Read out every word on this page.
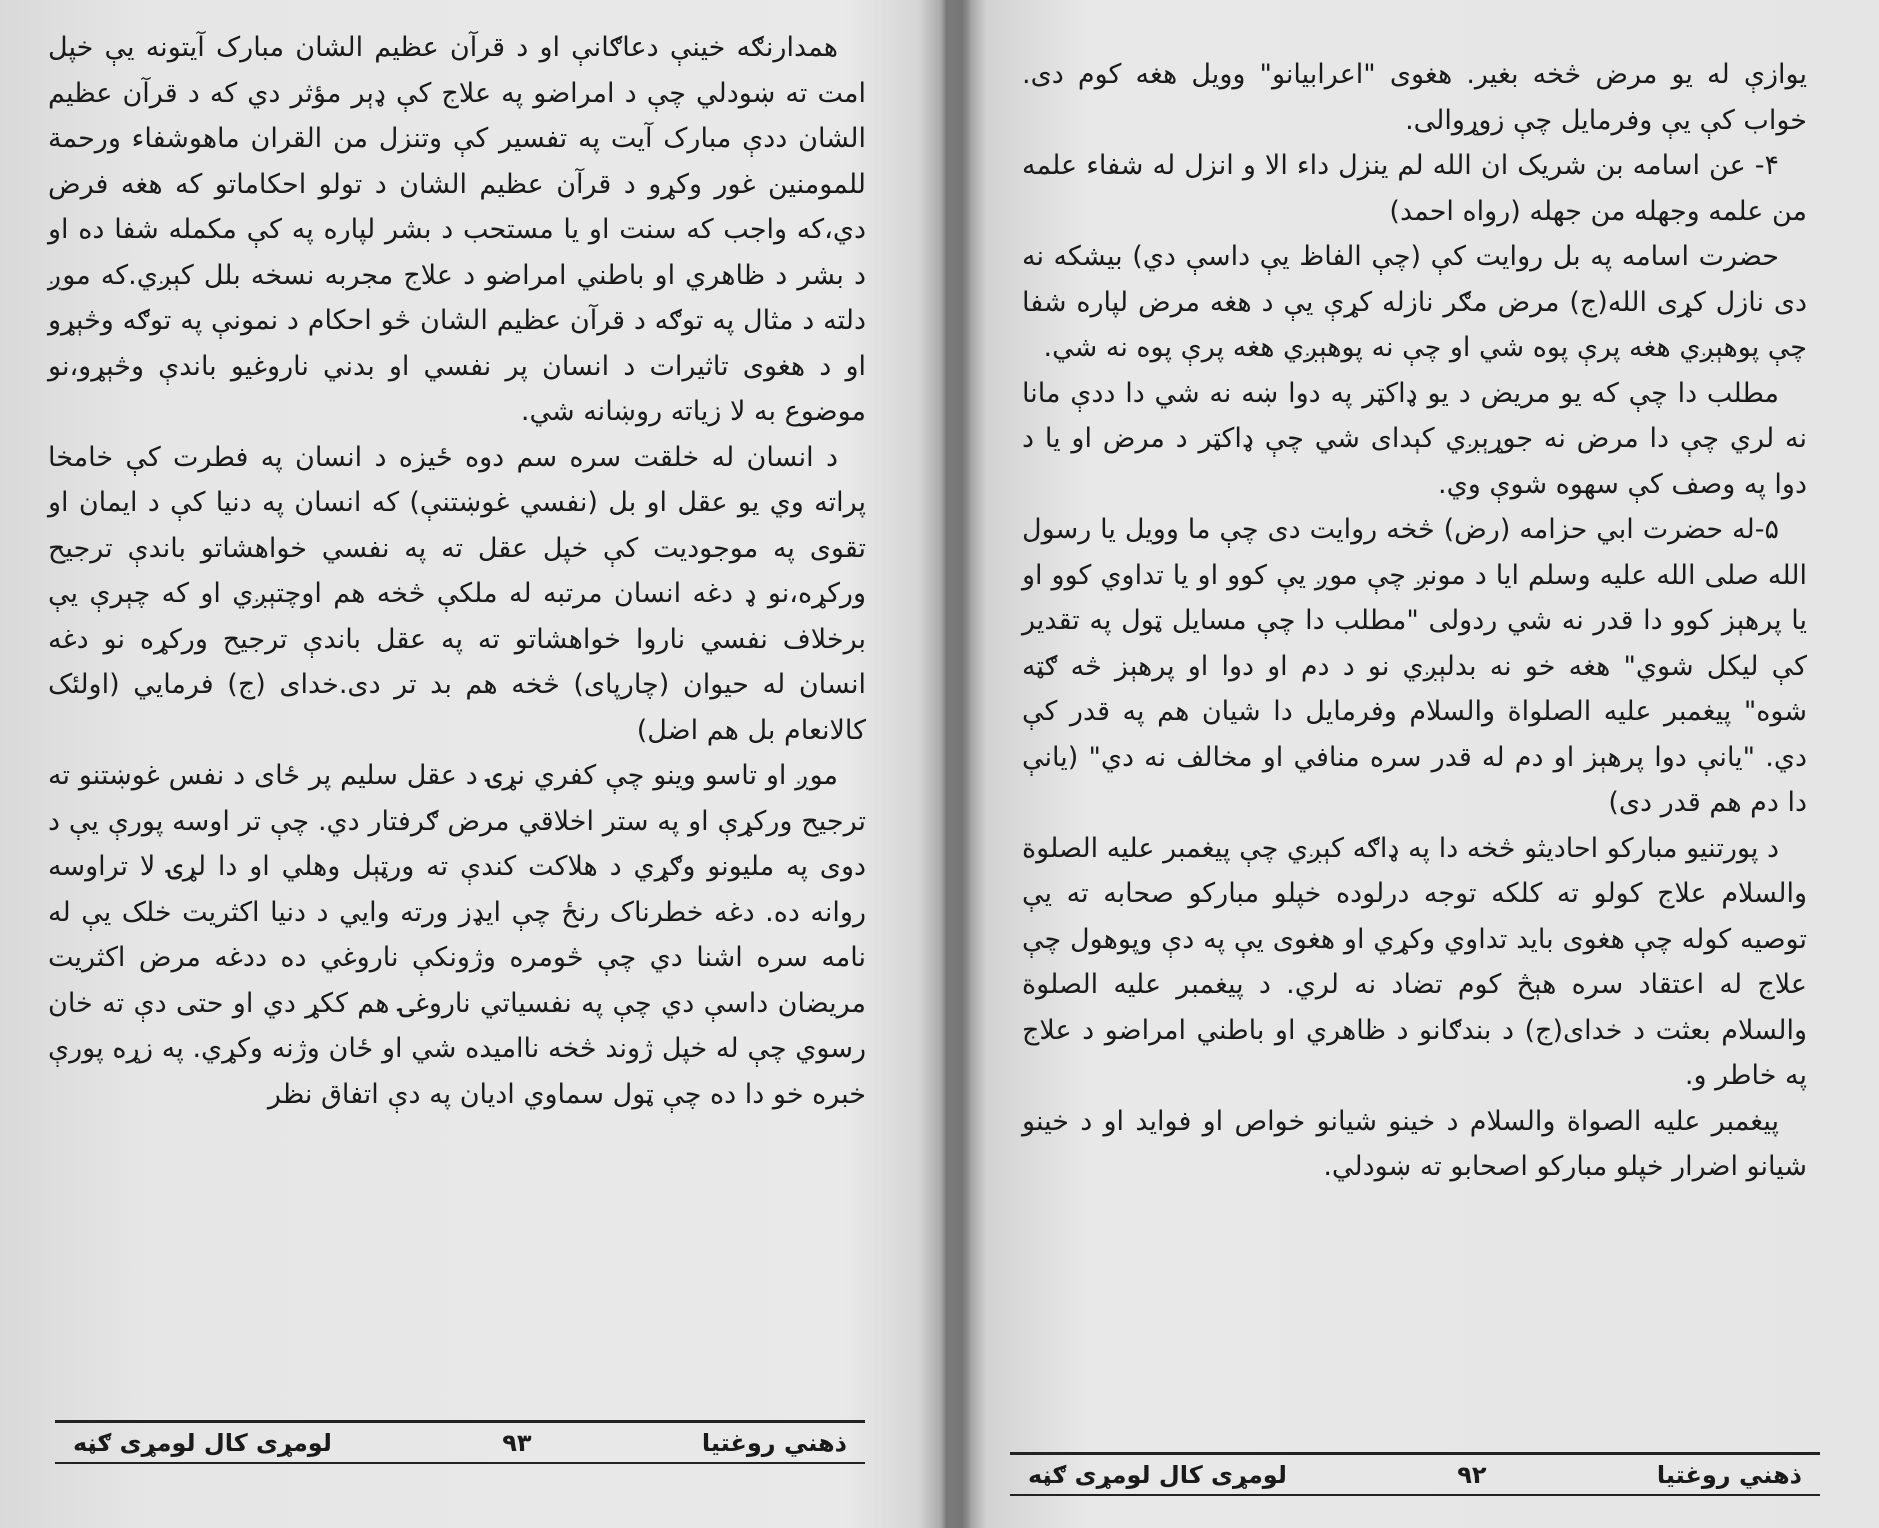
همدارنګه خینې دعاګانې او د قرآن عظیم الشان مبارک آیتونه یې خپل امت ته ښودلي چې د امراضو په علاج کې ډېر مؤثر دي که د قرآن عظیم الشان ددې مبارک آیت په تفسیر کې وتنزل من القران ماهوشفاء ورحمة للمومنین غور وکړو د قرآن عظیم الشان د تولو احکاماتو که هغه فرض دي،که واجب که سنت او یا مستحب د بشر لپاره په کې مکمله شفا ده او د بشر د ظاهري او باطني امراضو د علاج مجربه نسخه بلل کېږي.که موږ دلته د مثال په توګه د قرآن عظیم الشان څو احکام د نمونې په توګه وڅېړو او د هغوی تاثیرات د انسان پر نفسي او بدني ناروغیو باندې وڅېړو،نو موضوع به لا زیاته روښانه شي.

د انسان له خلقت سره سم دوه ځیزه د انسان په فطرت کې خامخا پراته وي یو عقل او بل (نفسي غوښتنې) که انسان په دنیا کې د ایمان او تقوی په موجودیت کې خپل عقل ته په نفسي خواهشاتو باندې ترجیح ورکړه،نو ډ دغه انسان مرتبه له ملکې څخه هم اوچتېږي او که چېرې یې برخلاف نفسي ناروا خواهشاتو ته په عقل باندې ترجیح ورکړه نو دغه انسان له حیوان (چارپای) څخه هم بد تر دی.خدای (ج) فرمایي (اولئک کالانعام بل هم اضل)

موږ او تاسو وینو چې کفري نړۍ د عقل سلیم پر ځای د نفس غوښتنو ته ترجیح ورکړې او په ستر اخلاقي مرض ګرفتار دي. چې تر اوسه پورې یې د دوی په ملیونو وګړي د هلاکت کندې ته ورټېل وهلي او دا لړۍ لا تراوسه روانه ده. دغه خطرناک رنځ چې ایډز ورته وایي د دنیا اکثریت خلک یې له نامه سره اشنا دي چې څومره وژونکې ناروغي ده ددغه مرض اکثریت مریضان داسې دي چې په نفسیاتي ناروغۍ هم ککړ دي او حتی دې ته خان رسوي چې له خپل ژوند څخه ناامیده شي او ځان وژنه وکړي. په زړه پورې خبره خو دا ده چې ټول سماوي ادیان په دې اتفاق نظر

ذهني روغتیا
۹۳
لومړی کال لومړی ګڼه

یوازې له یو مرض څخه بغیر. هغوی "اعرابیانو" وویل هغه کوم دی. خواب کې یې وفرمایل چې زوړوالی.

۴- عن اسامه بن شریک ان الله لم ینزل داء الا و انزل له شفاء علمه من علمه وجهله من جهله (رواه احمد)

حضرت اسامه په بل روایت کې (چې الفاظ یې داسې دي) بیشکه نه دی نازل کړی الله(ج) مرض مګر نازله کړې یې د هغه مرض لپاره شفا چې پوهېږي هغه پرې پوه شي او چې نه پوهېږي هغه پرې پوه نه شي.

مطلب دا چې که یو مریض د یو ډاکټر په دوا ښه نه شي دا ددې مانا نه لري چې دا مرض نه جوړېږي کېدای شي چې ډاکټر د مرض او یا د دوا په وصف کې سهوه شوې وي.

۵-له حضرت ابي حزامه (رض) څخه روایت دی چې ما وویل یا رسول الله صلی الله علیه وسلم ایا د مونږ چې موږ یې کوو او یا تداوي کوو او یا پرهېز کوو دا قدر نه شي ردولی "مطلب دا چې مسایل ټول په تقدیر کې لیکل شوي" هغه خو نه بدلېږي نو د دم او دوا او پرهېز څه ګټه شوه" پیغمبر علیه الصلواة والسلام وفرمایل دا شیان هم په قدر کې دي. "یانې دوا پرهېز او دم له قدر سره منافي او مخالف نه دي" (یانې دا دم هم قدر دی)

د پورتنیو مبارکو احادیثو څخه دا په ډاګه کېږي چې پیغمبر علیه الصلوة والسلام علاج کولو ته کلکه توجه درلوده خپلو مبارکو صحابه ته یې توصیه کوله چې هغوی باید تداوي وکړي او هغوی یې په دې وپوهول چې علاج له اعتقاد سره هېڅ کوم تضاد نه لري. د پیغمبر علیه الصلوة والسلام بعثت د خدای(ج) د بندګانو د ظاهري او باطني امراضو د علاج په خاطر و.

پیغمبر علیه الصواة والسلام د خینو شیانو خواص او فواید او د خینو شیانو اضرار خپلو مبارکو اصحابو ته ښودلي.

ذهني روغتیا
۹۲
لومړی کال لومړی ګڼه
